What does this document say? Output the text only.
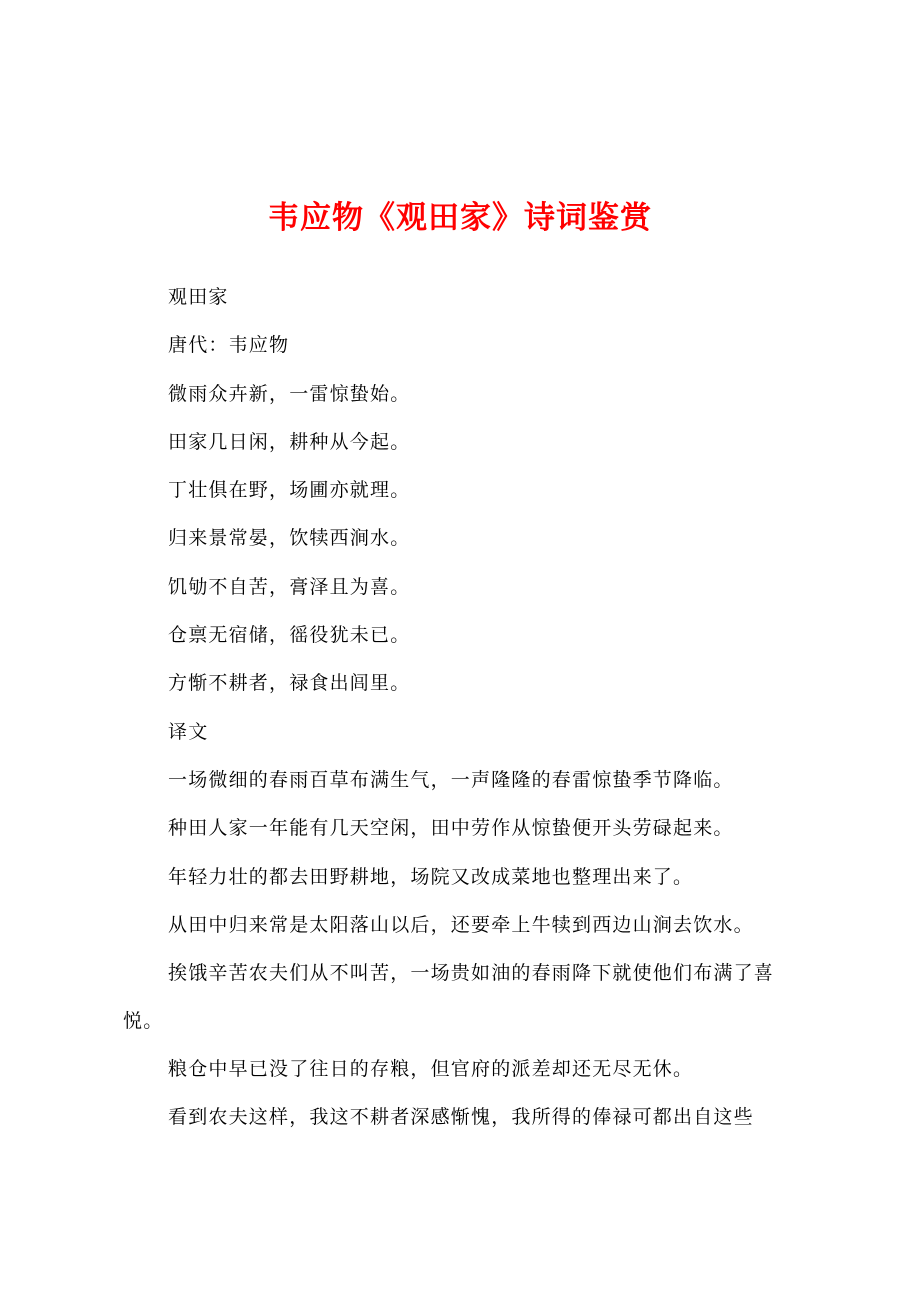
韦应物《观田家》诗词鉴赏

观田家

唐代：韦应物

微雨众卉新，一雷惊蛰始。

田家几日闲，耕种从今起。

丁壮俱在野，场圃亦就理。

归来景常晏，饮犊西涧水。

饥劬不自苦，膏泽且为喜。

仓禀无宿储，徭役犹未已。

方惭不耕者，禄食出闾里。

译文

一场微细的春雨百草布满生气，一声隆隆的春雷惊蛰季节降临。

种田人家一年能有几天空闲，田中劳作从惊蛰便开头劳碌起来。

年轻力壮的都去田野耕地，场院又改成菜地也整理出来了。

从田中归来常是太阳落山以后，还要牵上牛犊到西边山涧去饮水。

挨饿辛苦农夫们从不叫苦，一场贵如油的春雨降下就使他们布满了喜悦。

粮仓中早已没了往日的存粮，但官府的派差却还无尽无休。

看到农夫这样，我这不耕者深感惭愧，我所得的俸禄可都出自这些
